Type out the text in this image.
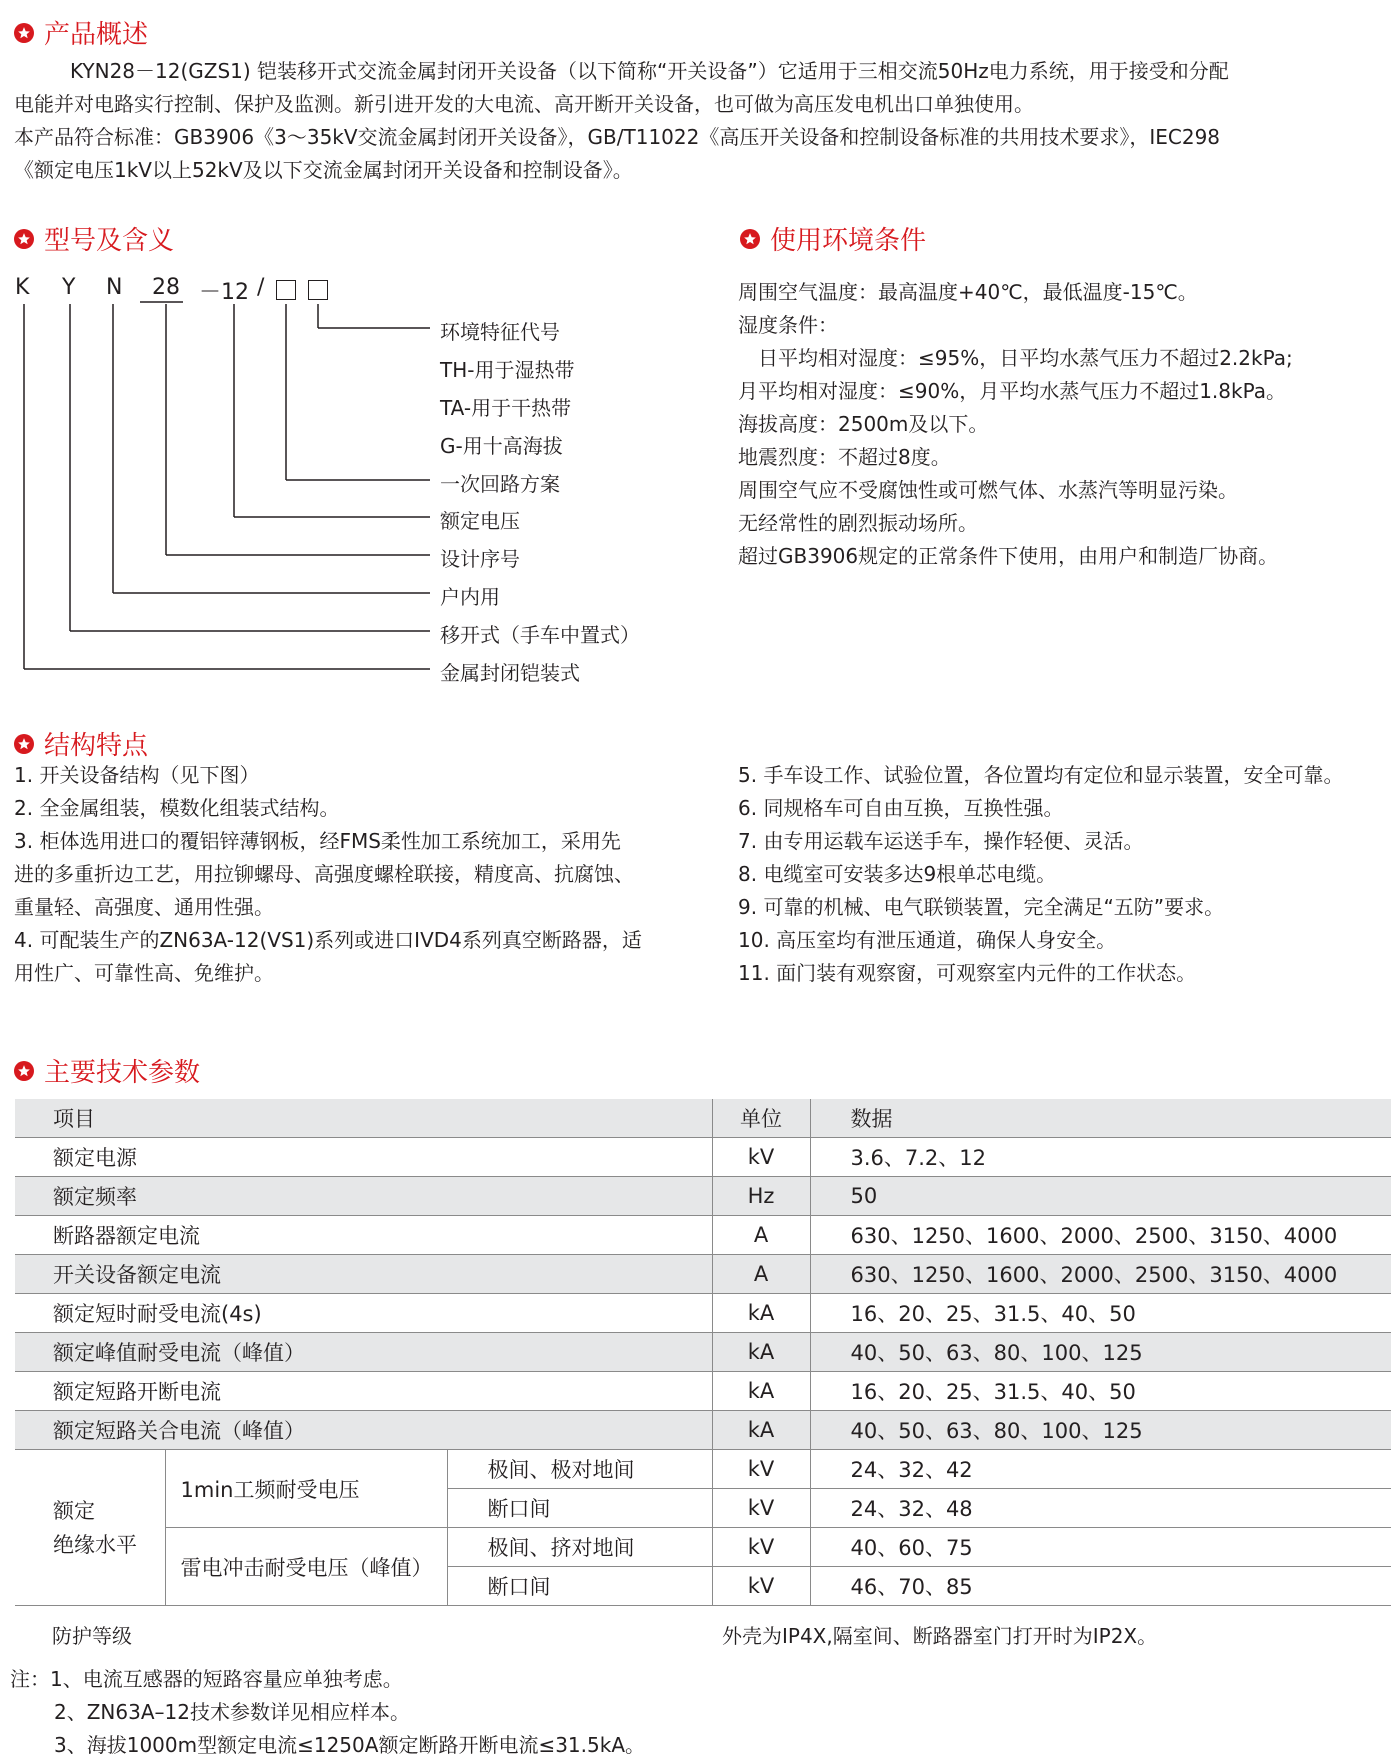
产品概述
KYN28－12(GZS1) 铠装移开式交流金属封闭开关设备（以下简称“开关设备”）它适用于三相交流50Hz电力系统，用于接受和分配
电能并对电路实行控制、保护及监测。新引进开发的大电流、高开断开关设备，也可做为高压发电机出口单独使用。
本产品符合标准：GB3906《3～35kV交流金属封闭开关设备》，GB/T11022《高压开关设备和控制设备标准的共用技术要求》，IEC298
《额定电压1kV以上52kV及以下交流金属封闭开关设备和控制设备》。
型号及含义
K Y N 28 －12 /
环境特征代号
TH-用于湿热带
TA-用于干热带
G-用十高海拔
一次回路方案
额定电压
设计序号
户内用
移开式（手车中置式）
金属封闭铠装式
使用环境条件
周围空气温度：最高温度+40℃，最低温度-15℃。
湿度条件：
　日平均相对湿度：≤95%，日平均水蒸气压力不超过2.2kPa;
月平均相对湿度：≤90%，月平均水蒸气压力不超过1.8kPa。
海拔高度：2500m及以下。
地震烈度：不超过8度。
周围空气应不受腐蚀性或可燃气体、水蒸汽等明显污染。
无经常性的剧烈振动场所。
超过GB3906规定的正常条件下使用，由用户和制造厂协商。
结构特点
1. 开关设备结构（见下图）
2. 全金属组装，模数化组装式结构。
3. 柜体选用进口的覆铝锌薄钢板，经FMS柔性加工系统加工，采用先
进的多重折边工艺，用拉铆螺母、高强度螺栓联接，精度高、抗腐蚀、
重量轻、高强度、通用性强。
4. 可配装生产的ZN63A-12(VS1)系列或进口IVD4系列真空断路器，适
用性广、可靠性高、免维护。
5. 手车设工作、试验位置，各位置均有定位和显示装置，安全可靠。
6. 同规格车可自由互换，互换性强。
7. 由专用运载车运送手车，操作轻便、灵活。
8. 电缆室可安装多达9根单芯电缆。
9. 可靠的机械、电气联锁装置，完全满足“五防”要求。
10. 高压室均有泄压通道，确保人身安全。
11. 面门装有观察窗，可观察室内元件的工作状态。
主要技术参数
项目			单位	数据
额定电源			kV	3.6、7.2、12
额定频率			Hz	50
断路器额定电流			A	630、1250、1600、2000、2500、3150、4000
开关设备额定电流			A	630、1250、1600、2000、2500、3150、4000
额定短时耐受电流(4s)			kA	16、20、25、31.5、40、50
额定峰值耐受电流（峰值）			kA	40、50、63、80、100、125
额定短路开断电流			kA	16、20、25、31.5、40、50
额定短路关合电流（峰值）			kA	40、50、63、80、100、125

额定
绝缘水平	1min工频耐受电压	极间、极对地间	kV	24、32、42
		断口间	kV	24、32、48
	雷电冲击耐受电压（峰值）	极间、挤对地间	kV	40、60、75
		断口间	kV	46、70、85
防护等级	外壳为IP4X,隔室间、断路器室门打开时为IP2X。
注：1、电流互感器的短路容量应单独考虑。
2、ZN63A–12技术参数详见相应样本。
3、海拔1000m型额定电流≤1250A额定断路开断电流≤31.5kA。
